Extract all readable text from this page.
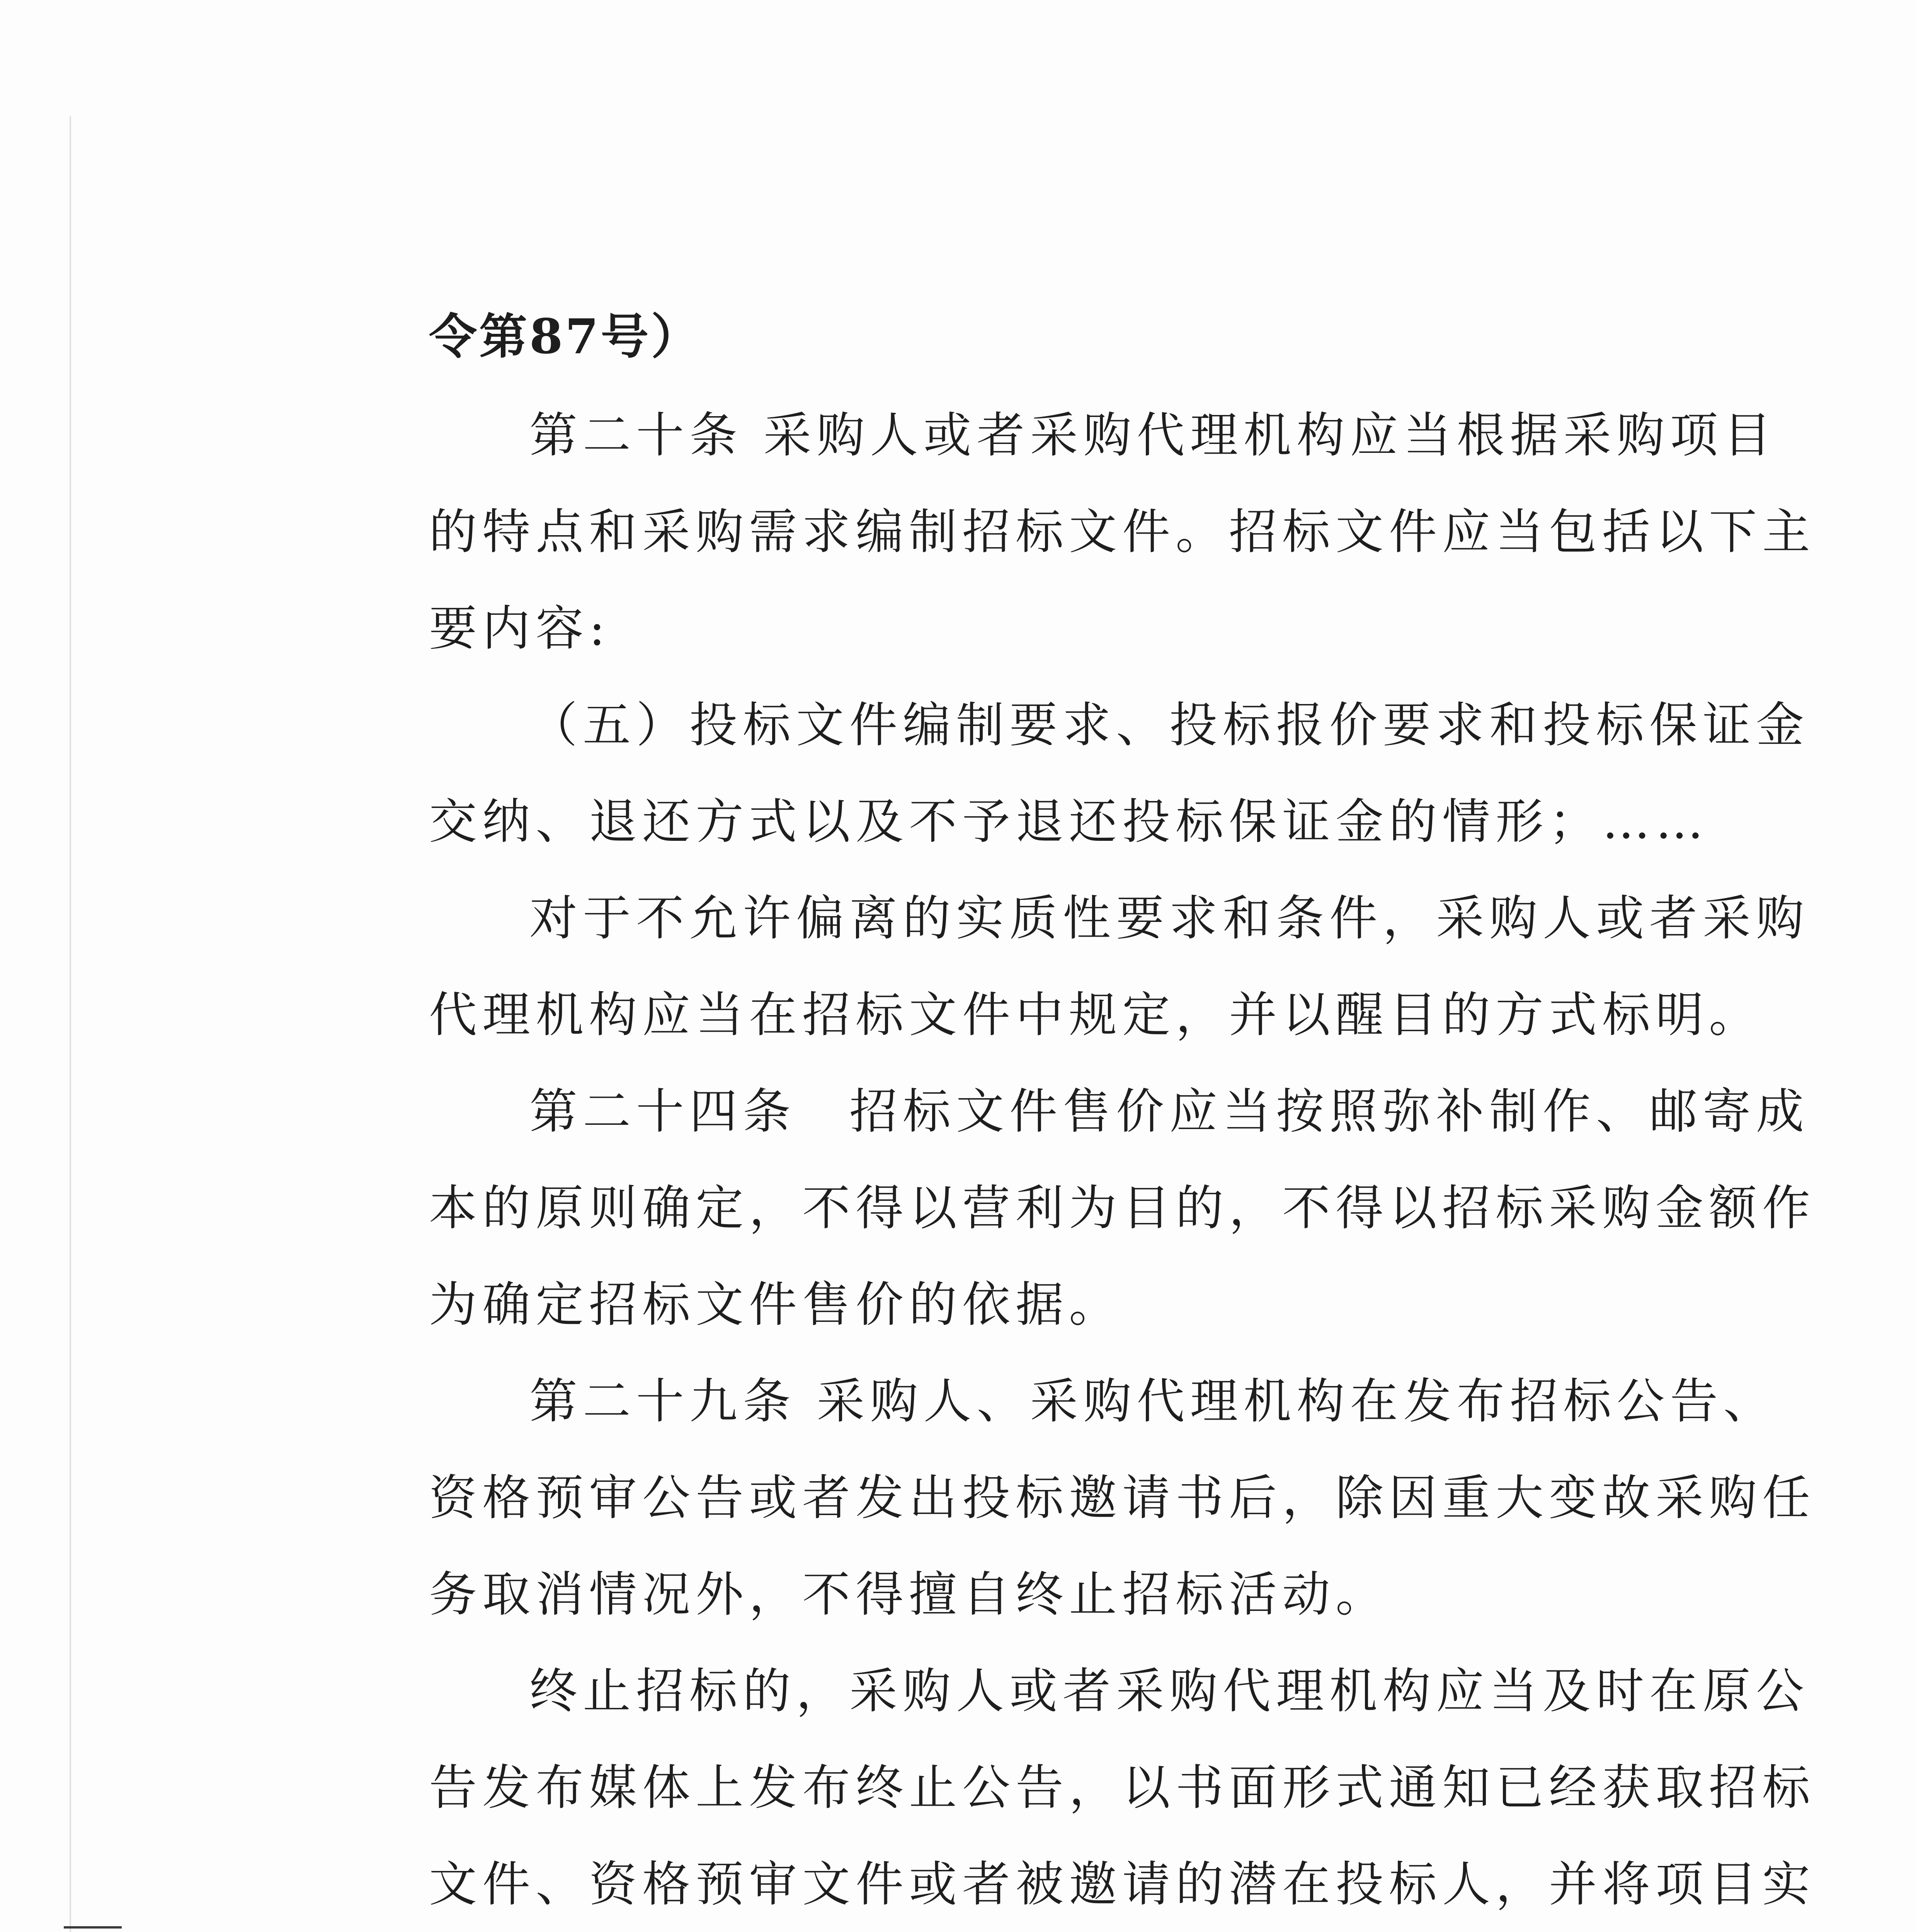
令第87号）
第二十条 采购人或者采购代理机构应当根据采购项目
的特点和采购需求编制招标文件。招标文件应当包括以下主
要内容:
（五）投标文件编制要求、投标报价要求和投标保证金
交纳、退还方式以及不予退还投标保证金的情形；……
对于不允许偏离的实质性要求和条件，采购人或者采购
代理机构应当在招标文件中规定，并以醒目的方式标明。
第二十四条　招标文件售价应当按照弥补制作、邮寄成
本的原则确定，不得以营利为目的，不得以招标采购金额作
为确定招标文件售价的依据。
第二十九条 采购人、采购代理机构在发布招标公告、
资格预审公告或者发出投标邀请书后，除因重大变故采购任
务取消情况外，不得擅自终止招标活动。
终止招标的，采购人或者采购代理机构应当及时在原公
告发布媒体上发布终止公告，以书面形式通知已经获取招标
文件、资格预审文件或者被邀请的潜在投标人，并将项目实
